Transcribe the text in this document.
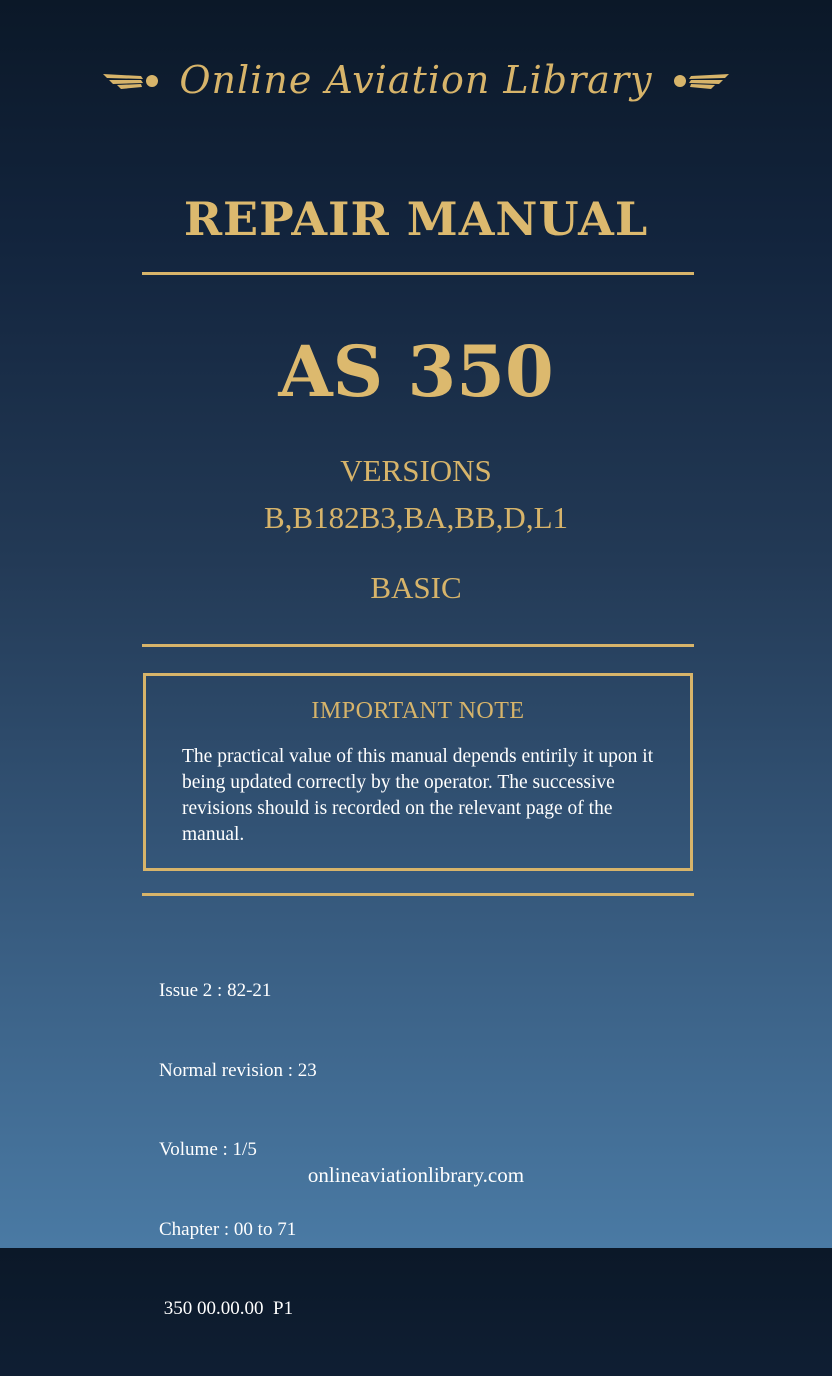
Online Aviation Library
REPAIR MANUAL
AS 350
VERSIONS
B,B182B3,BA,BB,D,L1
BASIC
IMPORTANT NOTE
The practical value of this manual depends entirily it upon it being updated correctly by the operator. The successive revisions should is recorded on the relevant page of the manual.

Issue 2 : 82-21

Normal revision : 23

Volume : 1/5

Chapter : 00 to 71

350 00.00.00  P1

onlineaviationlibrary.com
